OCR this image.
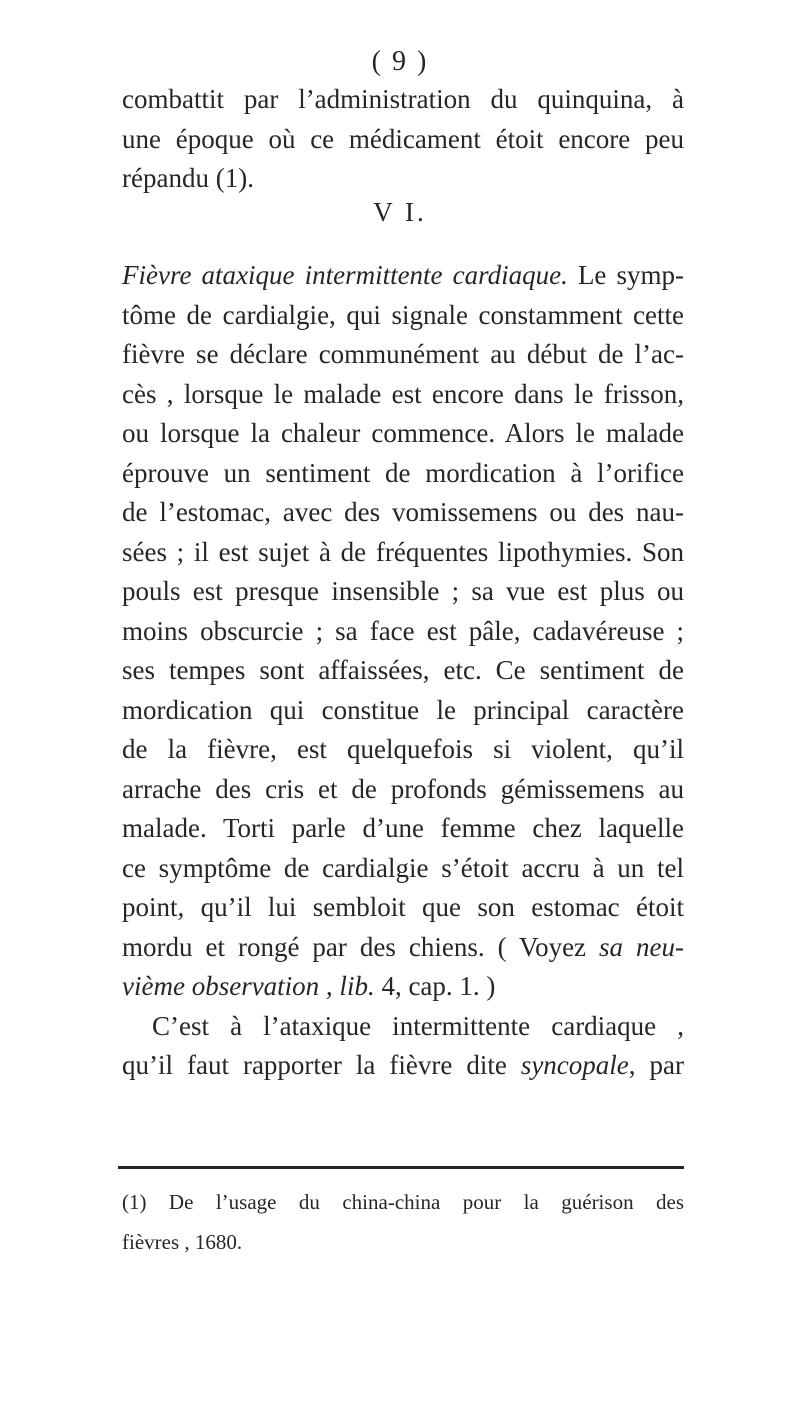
( 9 )
combattit par l’administration du quinquina, à
une époque où ce médicament étoit encore peu
répandu (1).
V I.
Fièvre ataxique intermittente cardiaque. Le symp-
tôme de cardialgie, qui signale constamment cette
fièvre se déclare communément au début de l’ac-
cès , lorsque le malade est encore dans le frisson,
ou lorsque la chaleur commence. Alors le malade
éprouve un sentiment de mordication à l’orifice
de l’estomac, avec des vomissemens ou des nau-
sées ; il est sujet à de fréquentes lipothymies. Son
pouls est presque insensible ; sa vue est plus ou
moins obscurcie ; sa face est pâle, cadavéreuse ;
ses tempes sont affaissées, etc. Ce sentiment de
mordication qui constitue le principal caractère
de la fièvre, est quelquefois si violent, qu’il
arrache des cris et de profonds gémissemens au
malade. Torti parle d’une femme chez laquelle
ce symptôme de cardialgie s’étoit accru à un tel
point, qu’il lui sembloit que son estomac étoit
mordu et rongé par des chiens. ( Voyez sa neu-
vième observation , lib. 4, cap. 1. )
C’est à l’ataxique intermittente cardiaque ,
qu’il faut rapporter la fièvre dite syncopale, par
(1) De l’usage du china-china pour la guérison des
fièvres , 1680.
